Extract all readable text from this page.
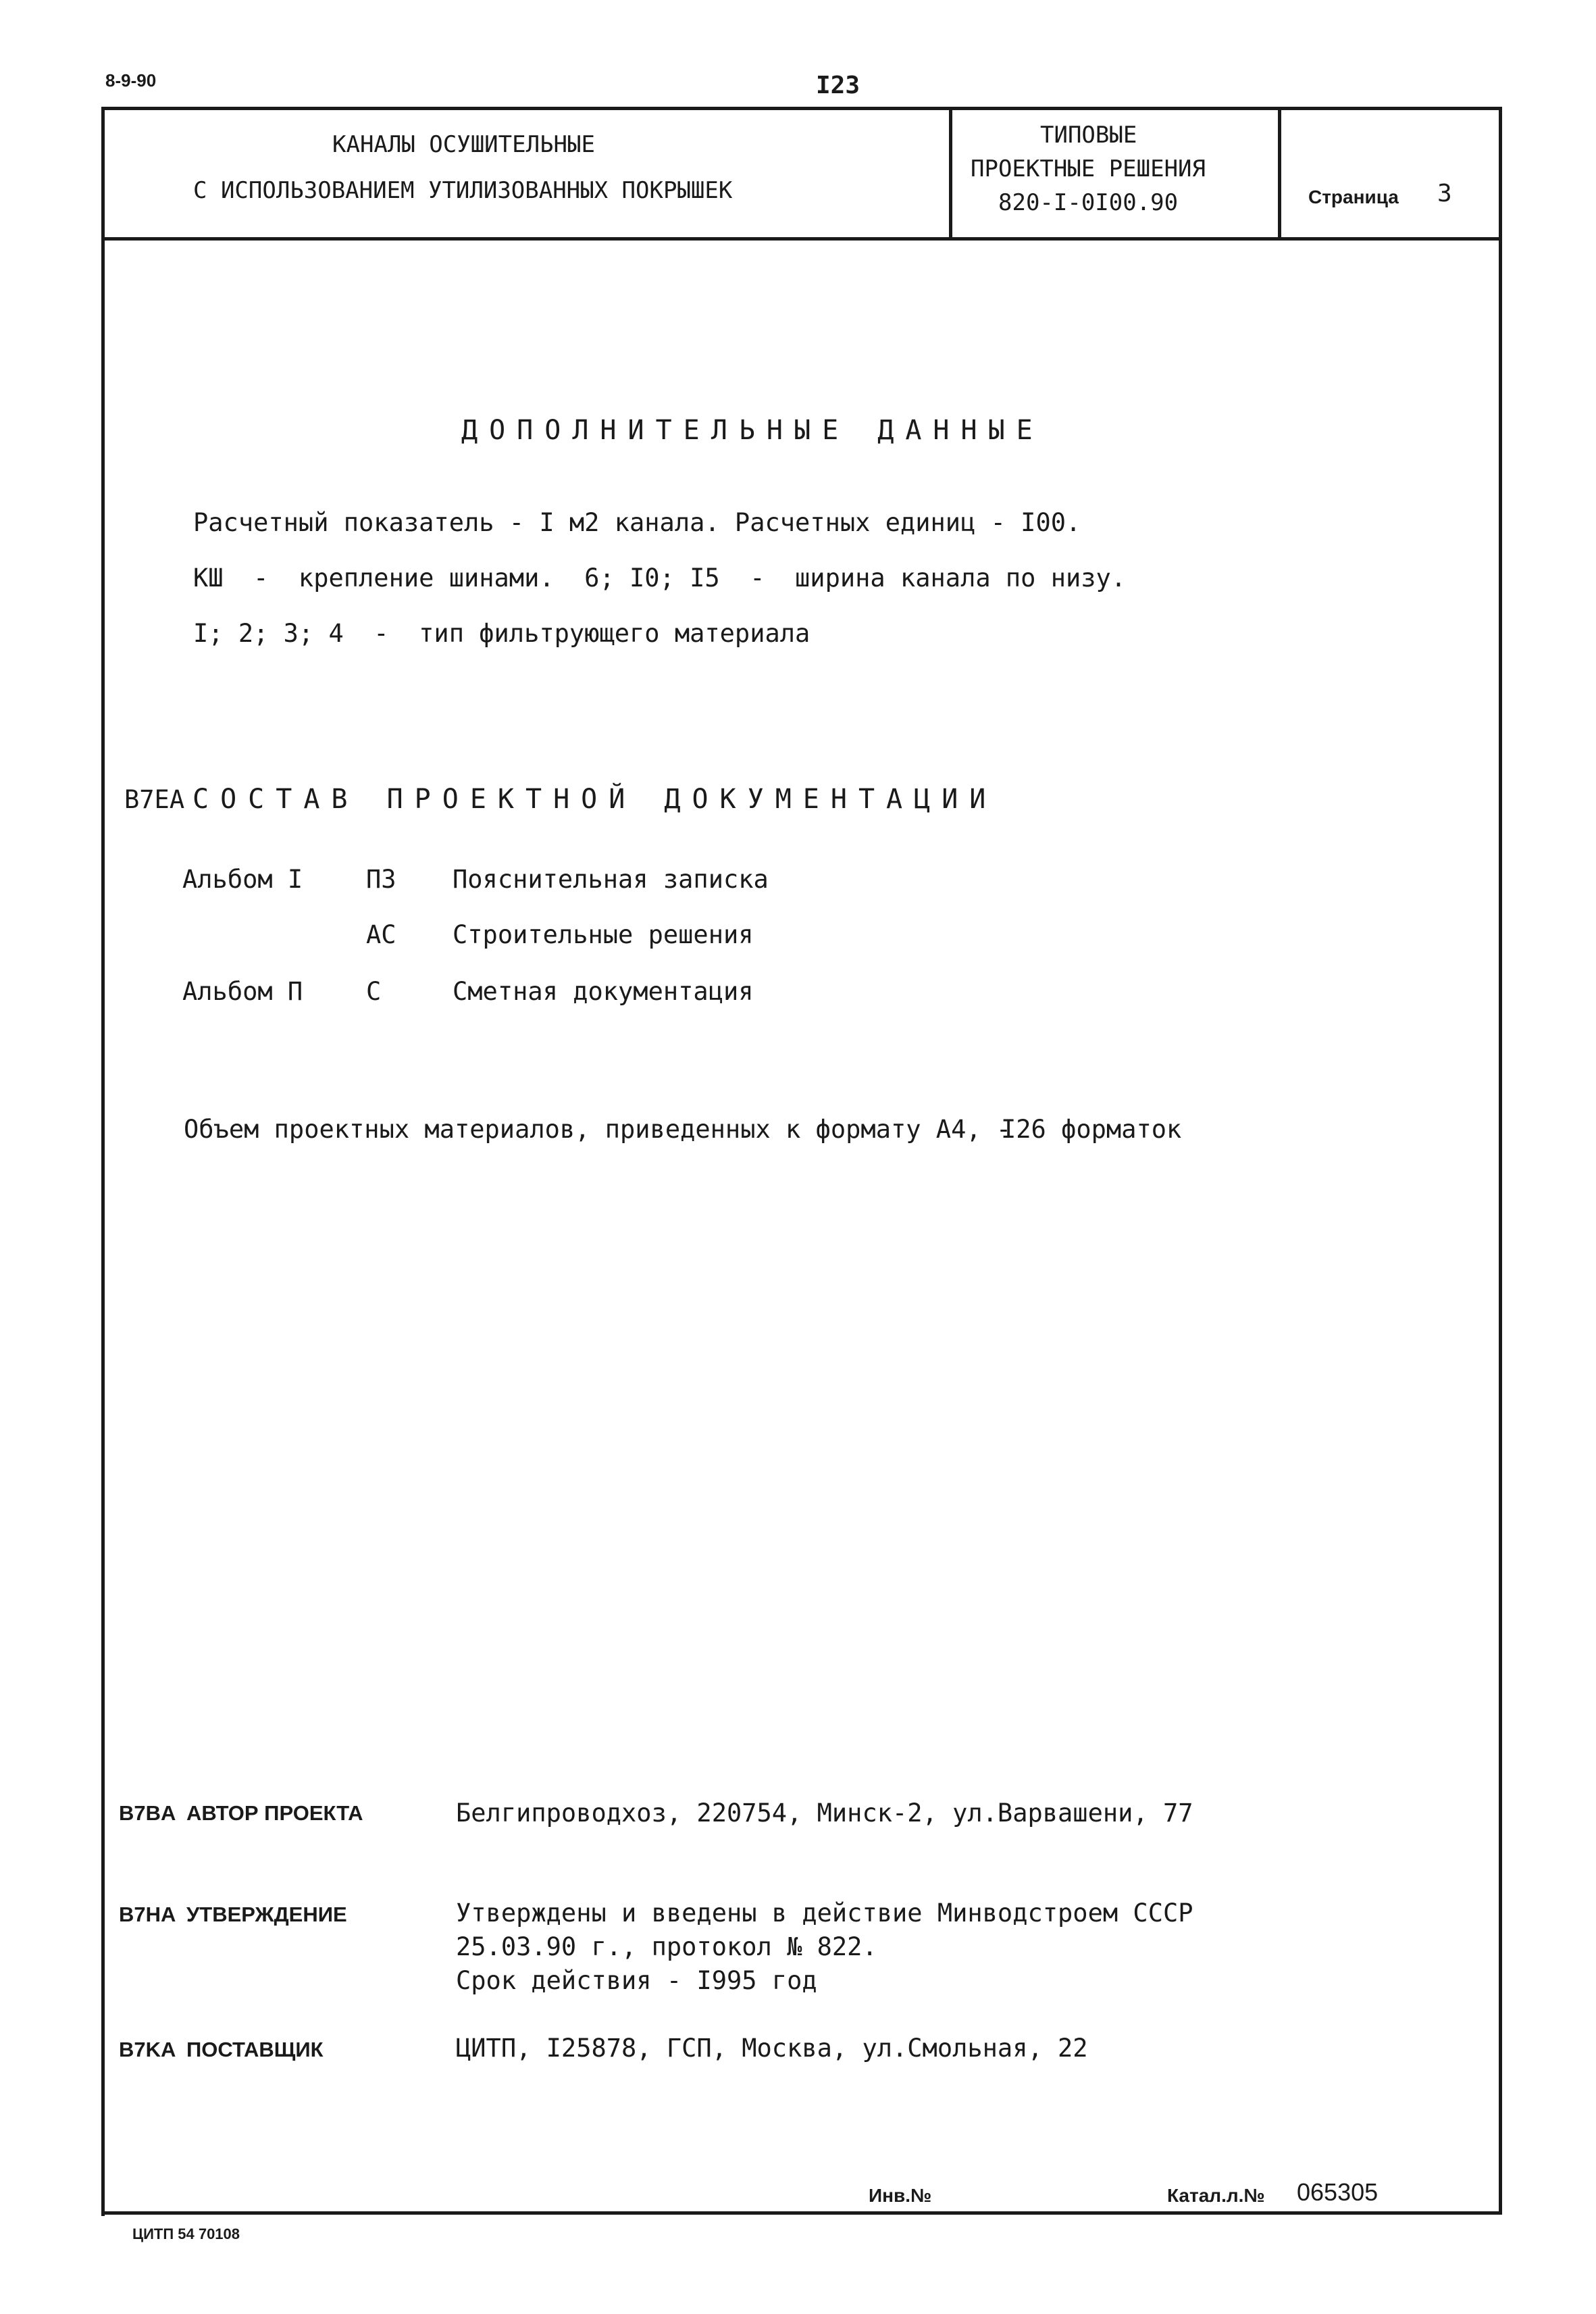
8-9-90	I23
КАНАЛЫ ОСУШИТЕЛЬНЫЕ
С ИСПОЛЬЗОВАНИЕМ УТИЛИЗОВАННЫХ ПОКРЫШЕК
ТИПОВЫЕ
ПРОЕКТНЫЕ РЕШЕНИЯ
820-I-0I00.90	Страница 3
ДОПОЛНИТЕЛЬНЫЕ ДАННЫЕ
Расчетный показатель - I м2 канала. Расчетных единиц - I00.
КШ  -  крепление шинами.  6; I0; I5  -  ширина канала по низу.
I; 2; 3; 4  -  тип фильтрующего материала
B7EA СОСТАВ ПРОЕКТНОЙ ДОКУМЕНТАЦИИ
Альбом I	ПЗ Пояснительная записка
АС Строительные решения
Альбом П	С	Сметная документация
Объем проектных материалов, приведенных к формату А4, -
I26 форматок
B7BA АВТОР ПРОЕКТА	Белгипроводхоз, 220754, Минск-2, ул.Варвашени, 77
B7HA УТВЕРЖДЕНИЕ	Утверждены и введены в действие Минводстроем СССР
25.03.90 г., протокол № 822.
Срок действия - I995 год
B7KA ПОСТАВЩИК	ЦИТП, I25878, ГСП, Москва, ул.Смольная, 22
Инв.№	Катал.л.№ 065305
ЦИТП 54 70108
